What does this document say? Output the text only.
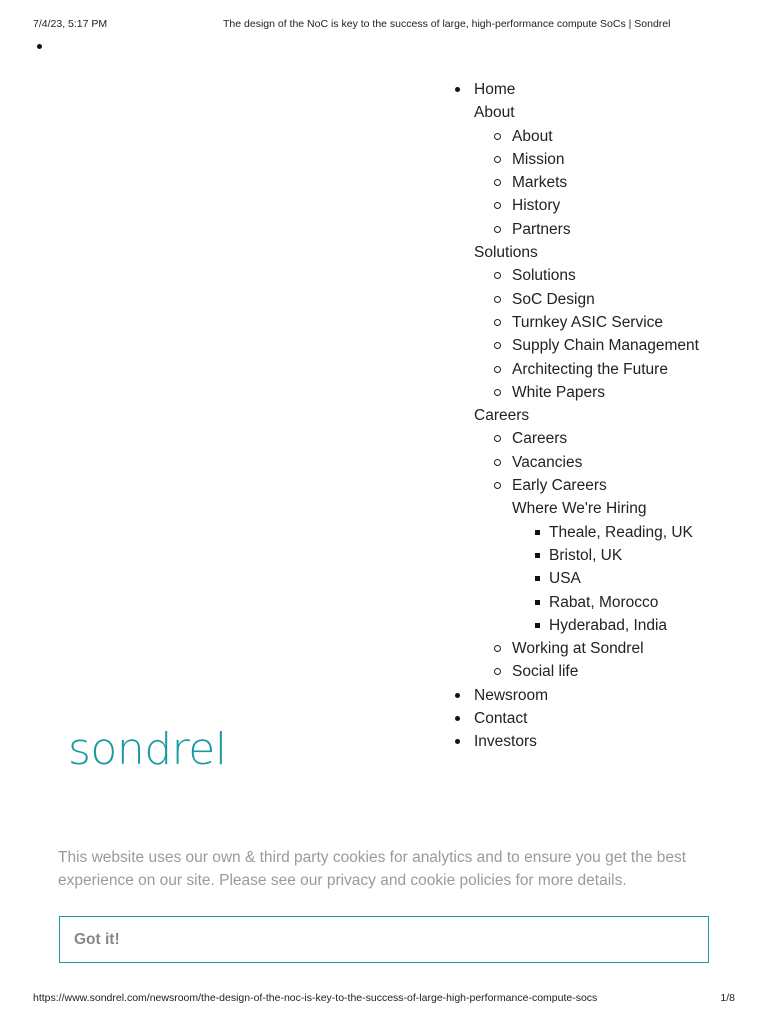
7/4/23, 5:17 PM	The design of the NoC is key to the success of large, high-performance compute SoCs | Sondrel
Home
About
About
Mission
Markets
History
Partners
Solutions
Solutions
SoC Design
Turnkey ASIC Service
Supply Chain Management
Architecting the Future
White Papers
Careers
Careers
Vacancies
Early Careers
Where We're Hiring
Theale, Reading, UK
Bristol, UK
USA
Rabat, Morocco
Hyderabad, India
Working at Sondrel
Social life
Newsroom
Contact
Investors
sondrel
This website uses our own & third party cookies for analytics and to ensure you get the best experience on our site. Please see our privacy and cookie policies for more details.
Got it!
https://www.sondrel.com/newsroom/the-design-of-the-noc-is-key-to-the-success-of-large-high-performance-compute-socs	1/8
